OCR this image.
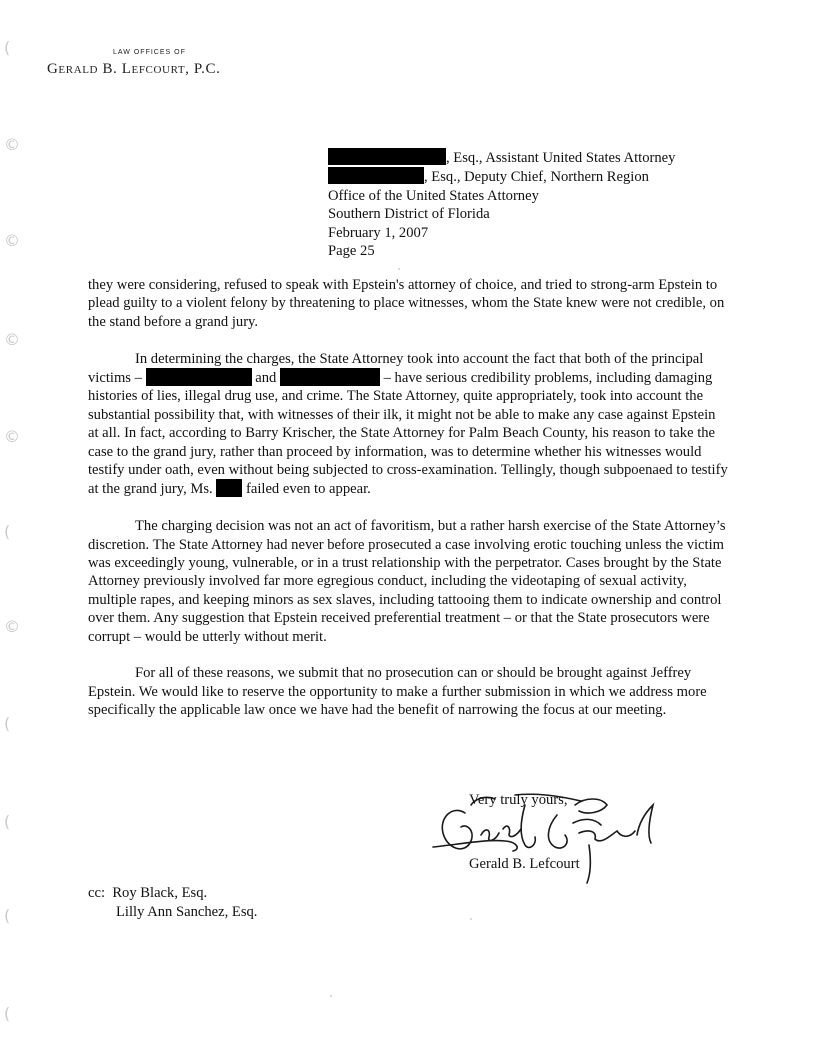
(
©
©
©
©
(
©
(
(
(
(
LAW OFFICES OF
Gerald B. Lefcourt, P.C.
, Esq., Assistant United States Attorney
, Esq., Deputy Chief, Northern Region
Office of the United States Attorney
Southern District of Florida
February 1, 2007
Page 25

they were considering, refused to speak with Epstein's attorney of choice, and tried to strong-arm Epstein to plead guilty to a violent felony by threatening to place witnesses, whom the State knew were not credible, on the stand before a grand jury.

In determining the charges, the State Attorney took into account the fact that both of the principal victims –	and	– have serious credibility problems, including damaging histories of lies, illegal drug use, and crime. The State Attorney, quite appropriately, took into account the substantial possibility that, with witnesses of their ilk, it might not be able to make any case against Epstein at all. In fact, according to Barry Krischer, the State Attorney for Palm Beach County, his reason to take the case to the grand jury, rather than proceed by information, was to determine whether his witnesses would testify under oath, even without being subjected to cross-examination. Tellingly, though subpoenaed to testify at the grand jury, Ms.  failed even to appear.

The charging decision was not an act of favoritism, but a rather harsh exercise of the State Attorney’s discretion. The State Attorney had never before prosecuted a case involving erotic touching unless the victim was exceedingly young, vulnerable, or in a trust relationship with the perpetrator. Cases brought by the State Attorney previously involved far more egregious conduct, including the videotaping of sexual activity, multiple rapes, and keeping minors as sex slaves, including tattooing them to indicate ownership and control over them. Any suggestion that Epstein received preferential treatment – or that the State prosecutors were corrupt – would be utterly without merit.

For all of these reasons, we submit that no prosecution can or should be brought against Jeffrey Epstein. We would like to reserve the opportunity to make a further submission in which we address more specifically the applicable law once we have had the benefit of narrowing the focus at our meeting.

Very truly yours,
Gerald B. Lefcourt
cc: Roy Black, Esq.
Lilly Ann Sanchez, Esq.
